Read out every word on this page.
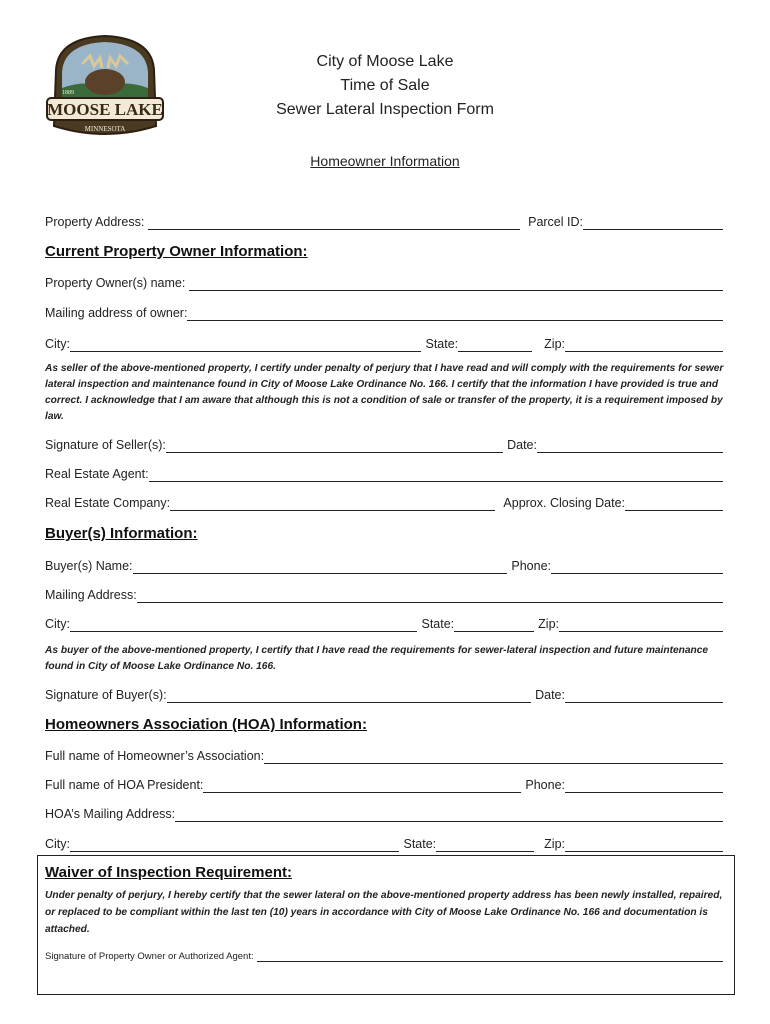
MOOSE LAKE
MINNESOTA
1889
City of Moose Lake
Time of Sale
Sewer Lateral Inspection Form
Homeowner Information
Property Address:	Parcel ID:
Current Property Owner Information:
Property Owner(s) name:
Mailing address of owner:
City:	State:	Zip:
As seller of the above-mentioned property, I certify under penalty of perjury that I have read and will comply with the requirements for sewer lateral inspection and maintenance found in City of Moose Lake Ordinance No. 166. I certify that the information I have provided is true and correct. I acknowledge that I am aware that although this is not a condition of sale or transfer of the property, it is a requirement imposed by law.
Signature of Seller(s):	Date:
Real Estate Agent:
Real Estate Company:	Approx. Closing Date:
Buyer(s) Information:
Buyer(s) Name:	Phone:
Mailing Address:
City:	State:	Zip:
As buyer of the above-mentioned property, I certify that I have read the requirements for sewer-lateral inspection and future maintenance found in City of Moose Lake Ordinance No. 166.
Signature of Buyer(s):	Date:
Homeowners Association (HOA) Information:
Full name of Homeowner’s Association:
Full name of HOA President:	Phone:
HOA’s Mailing Address:
City:	State:	Zip:
Waiver of Inspection Requirement:
Under penalty of perjury, I hereby certify that the sewer lateral on the above-mentioned property address has been newly installed, repaired, or replaced to be compliant within the last ten (10) years in accordance with City of Moose Lake Ordinance No. 166 and documentation is attached.
Signature of Property Owner or Authorized Agent:
